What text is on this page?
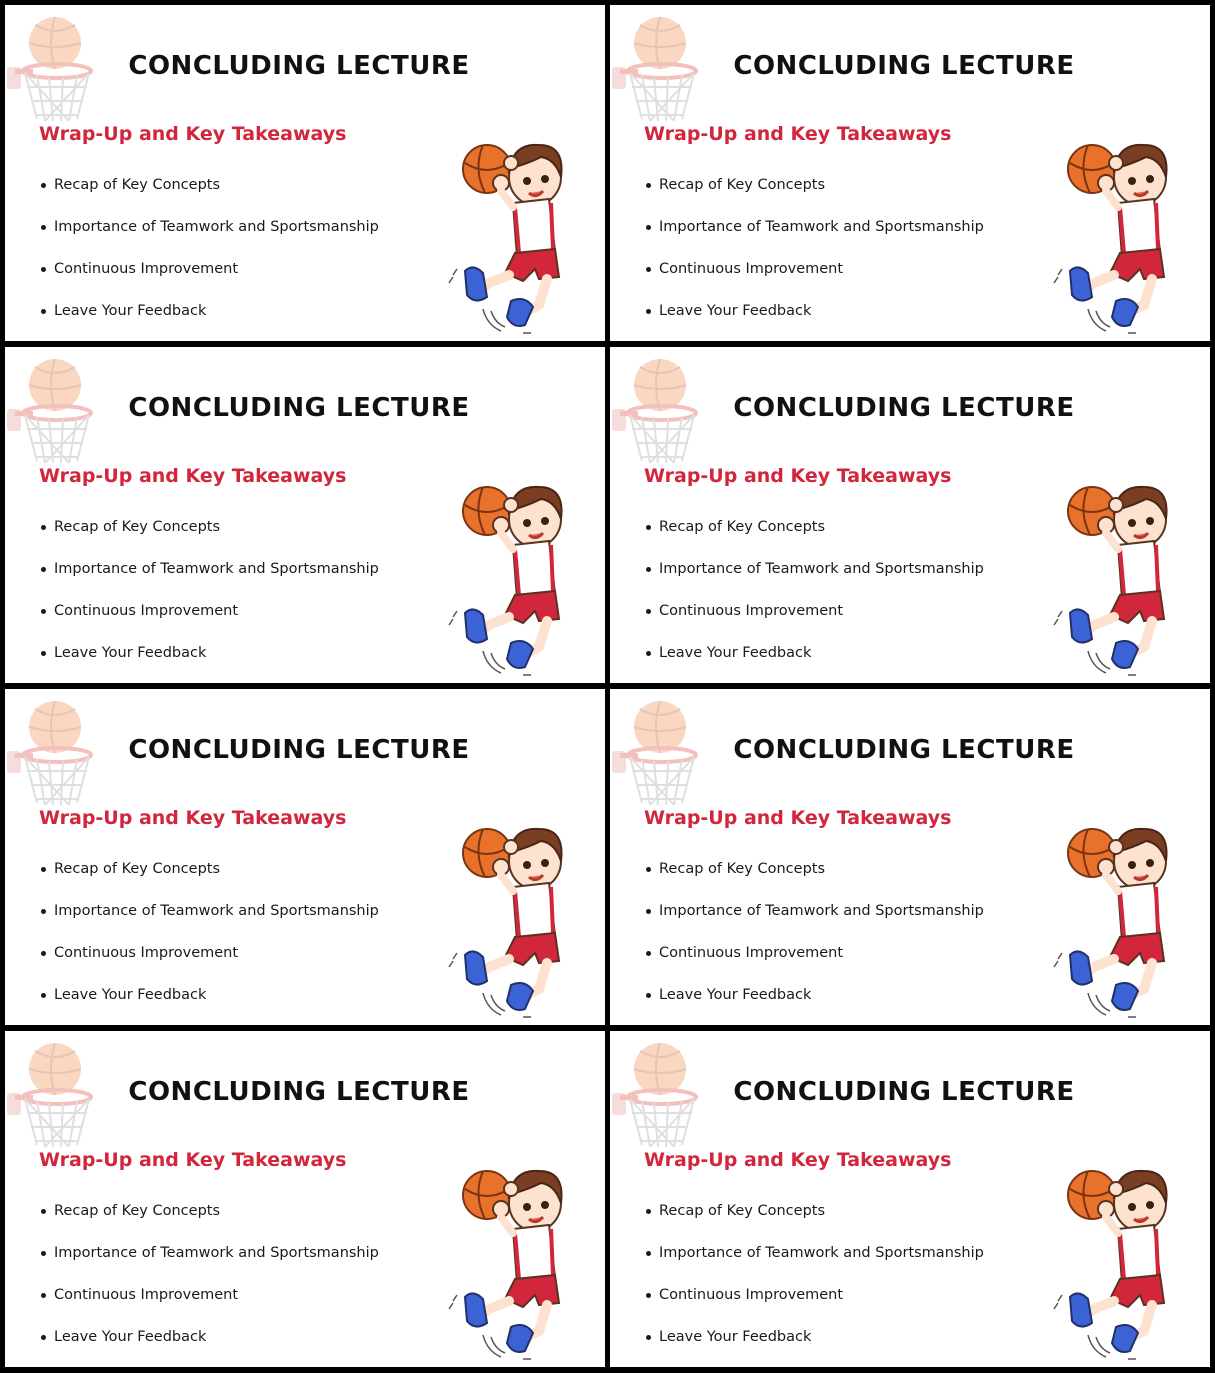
CONCLUDING LECTURE
Wrap-Up and Key Takeaways
Recap of Key Concepts
Importance of Teamwork and Sportsmanship
Continuous Improvement
Leave Your Feedback
CONCLUDING LECTURE
Wrap-Up and Key Takeaways
Recap of Key Concepts
Importance of Teamwork and Sportsmanship
Continuous Improvement
Leave Your Feedback
CONCLUDING LECTURE
Wrap-Up and Key Takeaways
Recap of Key Concepts
Importance of Teamwork and Sportsmanship
Continuous Improvement
Leave Your Feedback
CONCLUDING LECTURE
Wrap-Up and Key Takeaways
Recap of Key Concepts
Importance of Teamwork and Sportsmanship
Continuous Improvement
Leave Your Feedback
CONCLUDING LECTURE
Wrap-Up and Key Takeaways
Recap of Key Concepts
Importance of Teamwork and Sportsmanship
Continuous Improvement
Leave Your Feedback
CONCLUDING LECTURE
Wrap-Up and Key Takeaways
Recap of Key Concepts
Importance of Teamwork and Sportsmanship
Continuous Improvement
Leave Your Feedback
CONCLUDING LECTURE
Wrap-Up and Key Takeaways
Recap of Key Concepts
Importance of Teamwork and Sportsmanship
Continuous Improvement
Leave Your Feedback
CONCLUDING LECTURE
Wrap-Up and Key Takeaways
Recap of Key Concepts
Importance of Teamwork and Sportsmanship
Continuous Improvement
Leave Your Feedback
